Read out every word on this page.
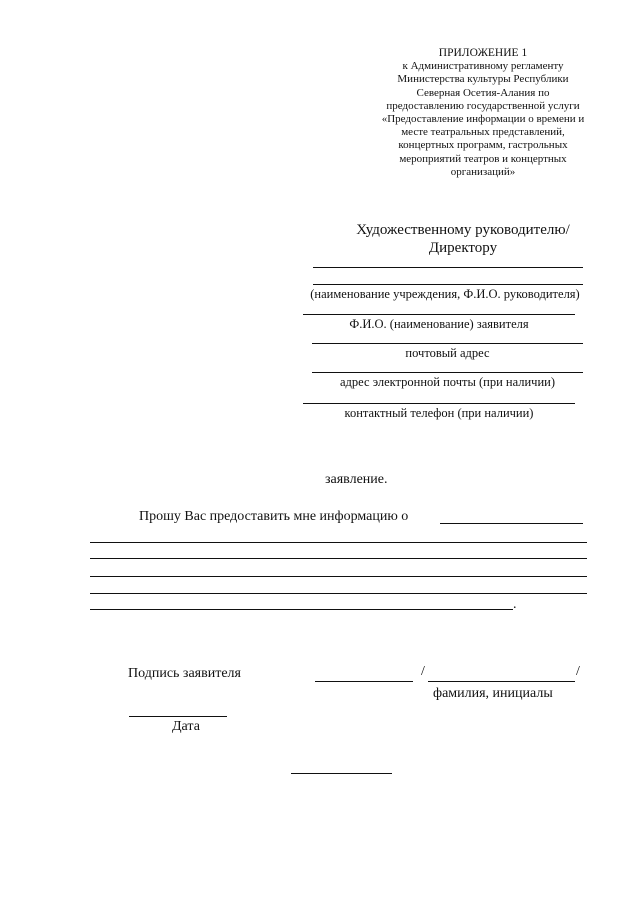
ПРИЛОЖЕНИЕ 1
к Административному регламенту
Министерства культуры Республики
Северная Осетия-Алания по
предоставлению государственной услуги
«Предоставление информации о времени и
месте театральных представлений,
концертных программ, гастрольных
мероприятий театров и концертных
организаций»
Художественному руководителю/
Директору
(наименование учреждения, Ф.И.О. руководителя)
Ф.И.О. (наименование) заявителя
почтовый адрес
адрес электронной почты (при наличии)
контактный телефон (при наличии)
заявление.
Прошу Вас предоставить мне информацию о
.
Подпись заявителя	/	/
фамилия, инициалы
Дата
